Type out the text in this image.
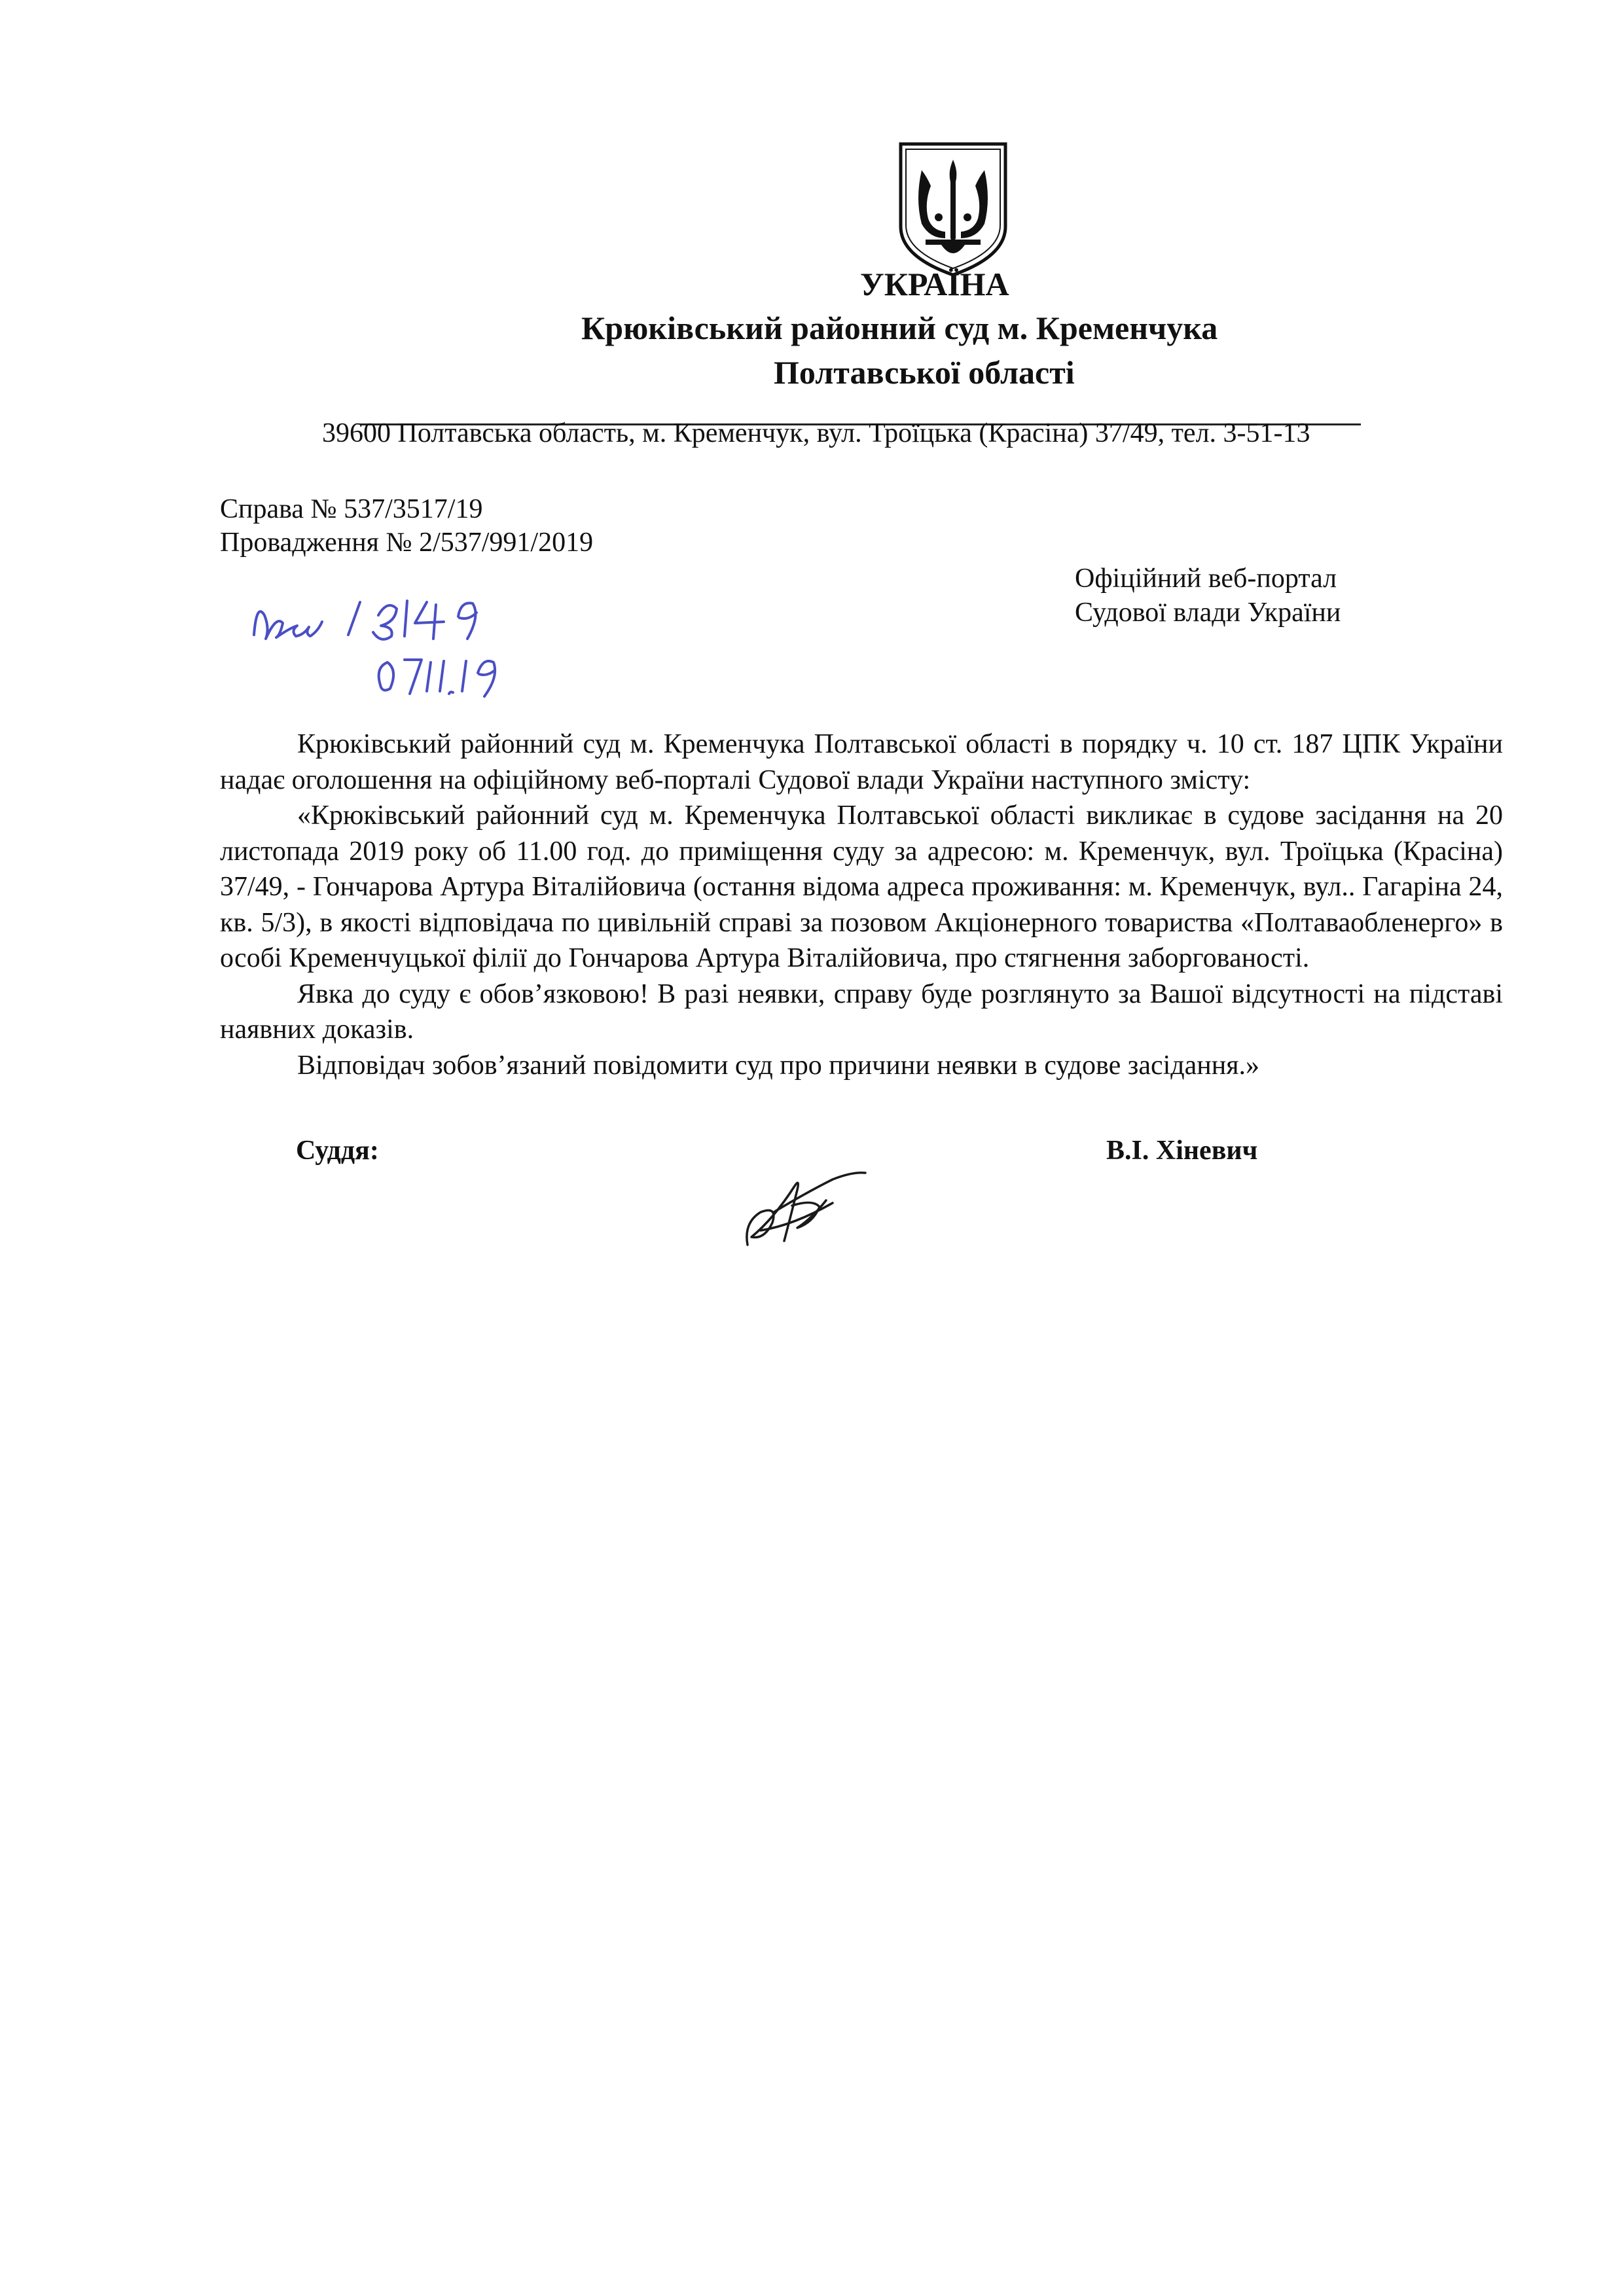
УКРАЇНА
Крюківський районний суд м. Кременчука
Полтавської області
39600 Полтавська область, м. Кременчук, вул. Троїцька (Красіна) 37/49, тел. 3-51-13
Справа № 537/3517/19
Провадження № 2/537/991/2019
Офіційний веб-портал
Судової влади України

Крюківський районний суд м. Кременчука Полтавської області в порядку ч. 10 ст. 187 ЦПК України надає оголошення на офіційному веб-порталі Судової влади України наступного змісту:

«Крюківський районний суд м. Кременчука Полтавської області викликає в судове засідання на 20 листопада 2019 року об 11.00 год. до приміщення суду за адресою: м. Кременчук, вул. Троїцька (Красіна) 37/49, - Гончарова Артура Віталійовича (остання відома адреса проживання: м. Кременчук, вул.. Гагаріна 24, кв. 5/3), в якості відповідача по цивільній справі за позовом Акціонерного товариства «Полтаваобленерго» в особі Кременчуцької філії до Гончарова Артура Віталійовича, про стягнення заборгованості.

Явка до суду є обов’язковою! В разі неявки, справу буде розглянуто за Вашої відсутності на підставі наявних доказів.

Відповідач зобов’язаний повідомити суд про причини неявки в судове засідання.»

Суддя:	В.І. Хіневич
